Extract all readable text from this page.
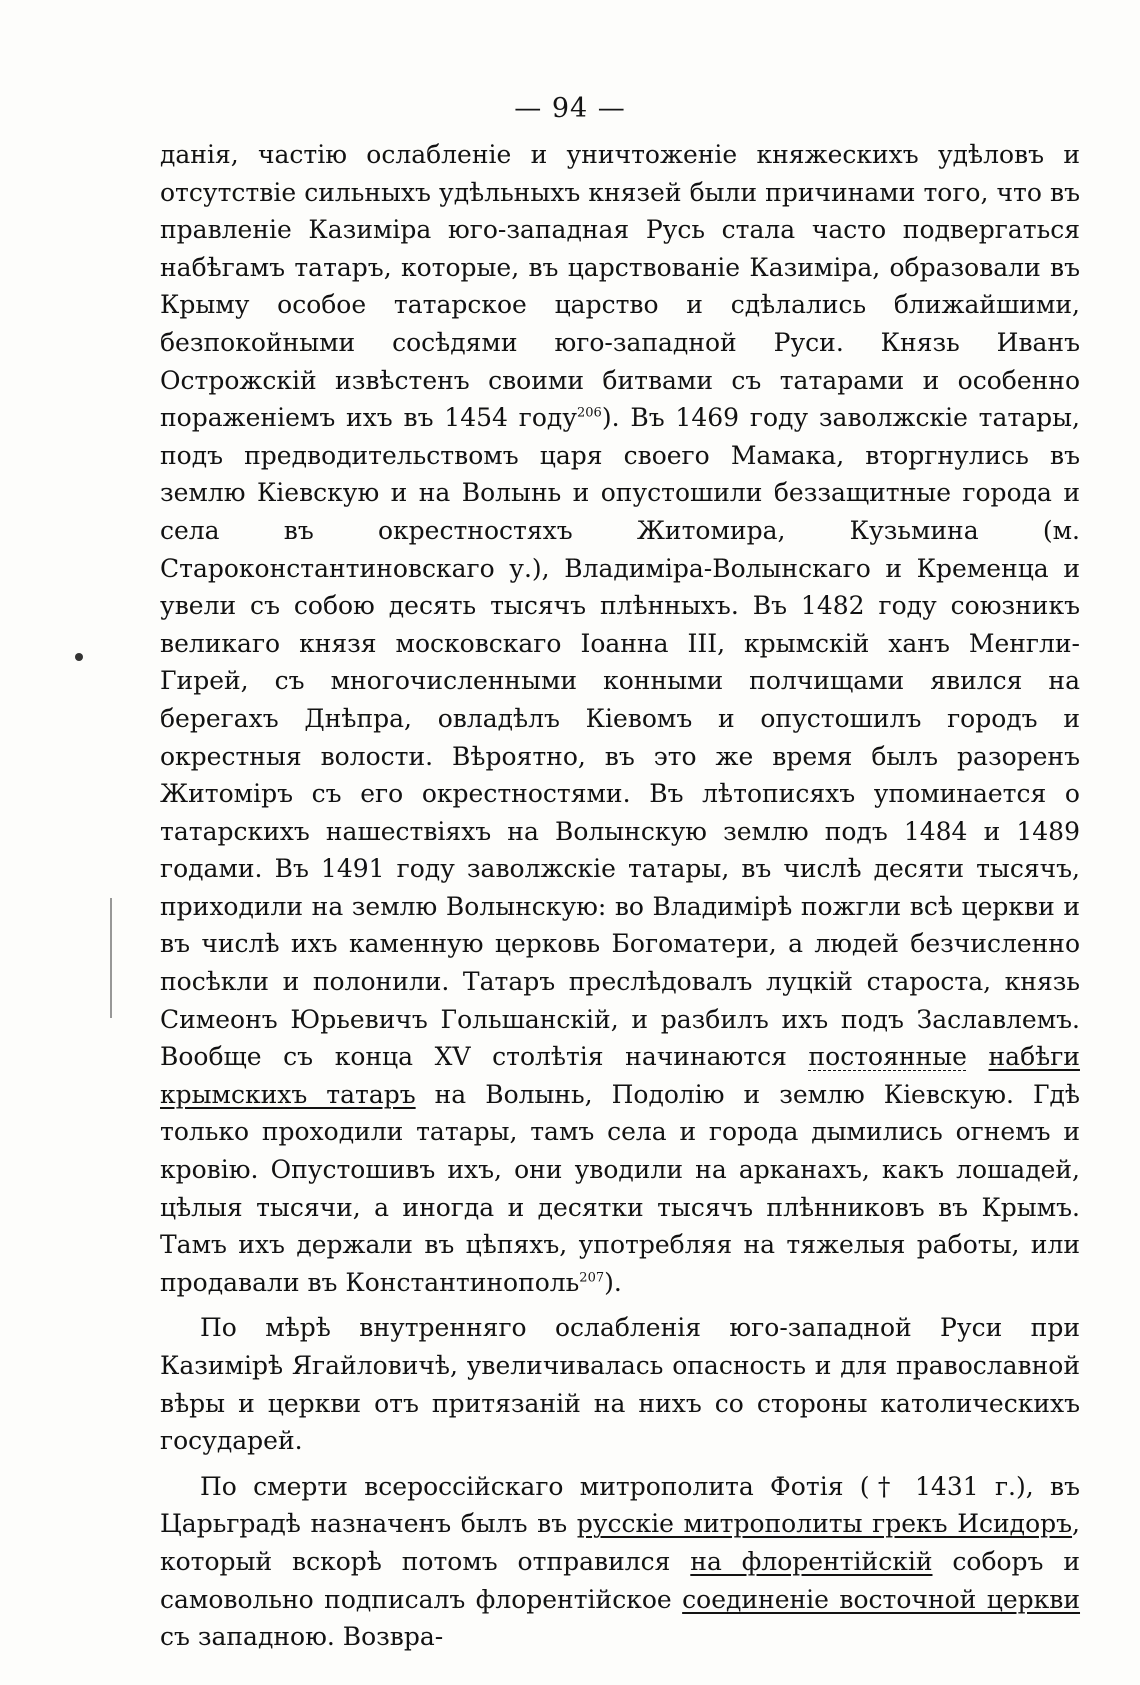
— 94 —

данія, частію ослабленіе и уничтоженіе княжескихъ удѣловъ и отсутствіе сильныхъ удѣльныхъ князей были причинами того, что въ правленіе Казиміра юго-западная Русь стала часто подвергаться набѣгамъ татаръ, которые, въ царствованіе Казиміра, образовали въ Крыму особое татарское царство и сдѣлались ближайшими, безпокойными сосѣдями юго-западной Руси. Князь Иванъ Острожскій извѣстенъ своими битвами съ татарами и особенно пораженіемъ ихъ въ 1454 году$^{206}$). Въ 1469 году заволжскіе татары, подъ предводительствомъ царя своего Мамака, вторгнулись въ землю Кіевскую и на Волынь и опустошили беззащитные города и села въ окрестностяхъ Житомира, Кузьмина (м. Староконстантиновскаго у.), Владиміра-Волынскаго и Кременца и увели съ собою десять тысячъ плѣнныхъ. Въ 1482 году союзникъ великаго князя московскаго Іоанна III, крымскій ханъ Менгли-Гирей, съ многочисленными конными полчищами явился на берегахъ Днѣпра, овладѣлъ Кіевомъ и опустошилъ городъ и окрестныя волости. Вѣроятно, въ это же время былъ разоренъ Житоміръ съ его окрестностями. Въ лѣтописяхъ упоминается о татарскихъ нашествіяхъ на Волынскую землю подъ 1484 и 1489 годами. Въ 1491 году заволжскіе татары, въ числѣ десяти тысячъ, приходили на землю Волынскую: во Владимірѣ пожгли всѣ церкви и въ числѣ ихъ каменную церковь Богоматери, а людей безчисленно посѣкли и полонили. Татаръ преслѣдовалъ луцкій староста, князь Симеонъ Юрьевичъ Гольшанскій, и разбилъ ихъ подъ Заславлемъ. Вообще съ конца XV столѣтія начинаются постоянные набѣги крымскихъ татаръ на Волынь, Подолію и землю Кіевскую. Гдѣ только проходили татары, тамъ села и города дымились огнемъ и кровію. Опустошивъ ихъ, они уводили на арканахъ, какъ лошадей, цѣлыя тысячи, а иногда и десятки тысячъ плѣнниковъ въ Крымъ. Тамъ ихъ держали въ цѣпяхъ, употребляя на тяжелыя работы, или продавали въ Константинополь$^{207}$).

По мѣрѣ внутренняго ослабленія юго-западной Руси при Казимірѣ Ягайловичѣ, увеличивалась опасность и для православной вѣры и церкви отъ притязаній на нихъ со стороны католическихъ государей.

По смерти всероссійскаго митрополита Фотія († 1431 г.), въ Царьградѣ назначенъ былъ въ русскіе митрополиты грекъ Исидоръ, который вскорѣ потомъ отправился на флорентійскій соборъ и самовольно подписалъ флорентійское соединеніе восточной церкви съ западною. Возвра-
